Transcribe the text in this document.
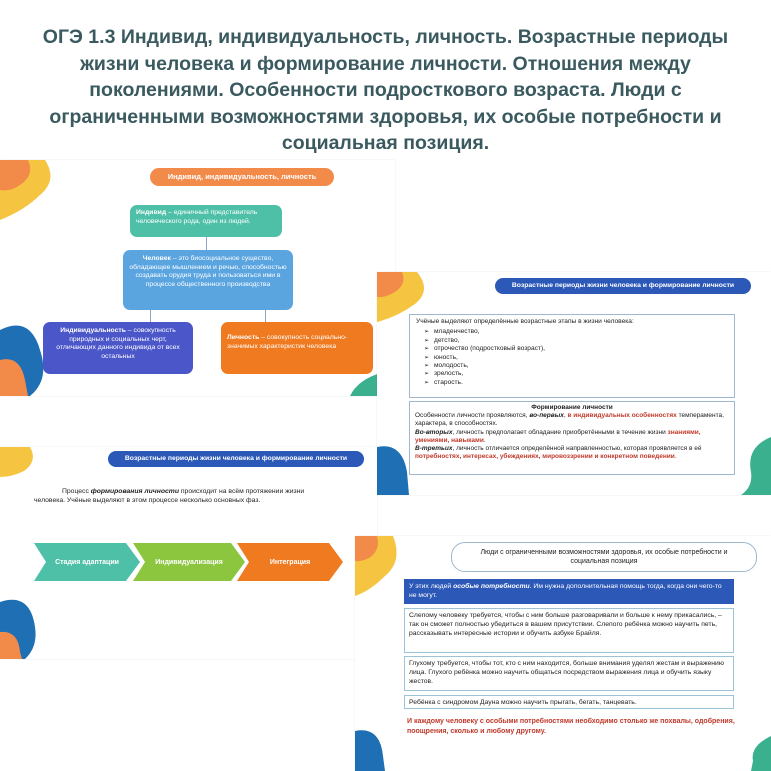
ОГЭ 1.3 Индивид, индивидуальность, личность. Возрастные периоды жизни человека и формирование личности. Отношения между поколениями. Особенности подросткового возраста. Люди с ограниченными возможностями здоровья, их особые потребности и социальная позиция.
Индивид, индивидуальность, личность
Индивид – единичный представитель человеческого рода, один из людей.
Человек – это биосоциальное существо, обладающее мышлением и речью, способностью создавать орудия труда и пользоваться ими в процессе общественного производства
Индивидуальность – совокупность природных и социальных черт, отличающих данного индивида от всех остальных
Личность – совокупность социально-значимых характеристик человека
Возрастные периоды жизни человека и формирование личности
Учёные выделяют определённые возрастные этапы в жизни человека:
➢ младенчество,
➢ детство,
➢ отрочество (подростковый возраст),
➢ юность,
➢ молодость,
➢ зрелость,
➢ старость.
Формирование личности
Особенности личности проявляются, во-первых, в индивидуальных особенностях темперамента, характера, в способностях.
Во-вторых, личность предполагает обладание приобретёнными в течение жизни знаниями, умениями, навыками.
В-третьих, личность отличается определённой направленностью, которая проявляется в её потребностях, интересах, убеждениях, мировоззрении и конкретном поведении.
Возрастные периоды жизни человека и формирование личности
Процесс формирования личности происходит на всём протяжении жизни человека. Учёные выделяют в этом процессе несколько основных фаз.
Стадия адаптации	Индивидуализация	Интеграция
Люди с ограниченными возможностями здоровья, их особые потребности и социальная позиция
У этих людей особые потребности. Им нужна дополнительная помощь тогда, когда они чего-то не могут.
Слепому человеку требуется, чтобы с ним больше разговаривали и больше к нему прикасались, – так он сможет полностью убедиться в вашем присутствии. Слепого ребёнка можно научить петь, рассказывать интересные истории и обучить азбуке Брайля.
Глухому требуется, чтобы тот, кто с ним находится, больше внимания уделял жестам и выражению лица. Глухого ребёнка можно научить общаться посредством выражения лица и обучить языку жестов.
Ребёнка с синдромом Дауна можно научить прыгать, бегать, танцевать.
И каждому человеку с особыми потребностями необходимо столько же похвалы, одобрения, поощрения, сколько и любому другому.
